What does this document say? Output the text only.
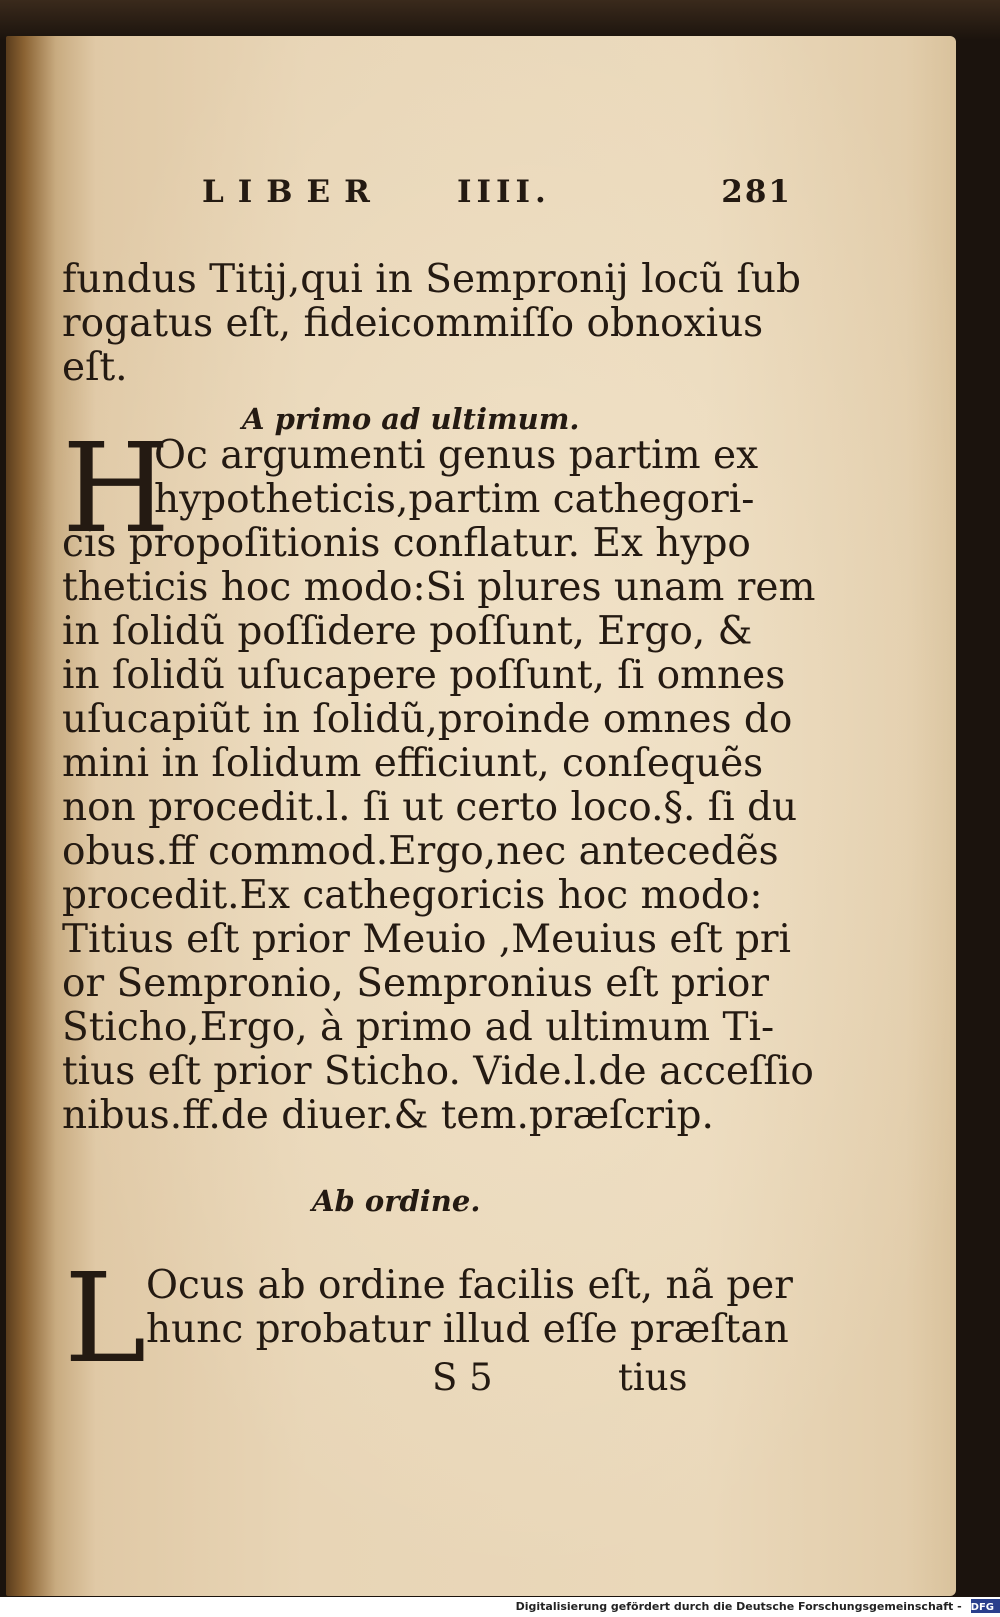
LIBER IIII.	281
fundus Titij,qui in Sempronij locũ ſub
rogatus eſt, fideicommiſſo obnoxius
eſt.
A primo ad ultimum.
H
Oc argumenti genus partim ex
hypotheticis,partim cathegori-
cis propoſitionis conflatur. Ex hypo
theticis hoc modo:Si plures unam rem
in ſolidũ poſſidere poſſunt, Ergo, &
in ſolidũ uſucapere poſſunt, ſi omnes
uſucapiũt in ſolidũ,proinde omnes do
mini in ſolidum efficiunt, conſequẽs
non procedit.l. ſi ut certo loco.§. ſi du
obus.ff commod.Ergo,nec antecedẽs
procedit.Ex cathegoricis hoc modo:
Titius eſt prior Meuio ,Meuius eſt pri
or Sempronio, Sempronius eſt prior
Sticho,Ergo, à primo ad ultimum Ti-
tius eſt prior Sticho. Vide.l.de acceſſio
nibus.ff.de diuer.& tem.præſcrip.
Ab ordine.
L Ocus ab ordine facilis eſt, nã per
hunc probatur illud eſſe præſtan
S 5	tius
Digitalisierung gefördert durch die Deutsche Forschungsgemeinschaft - DFG
